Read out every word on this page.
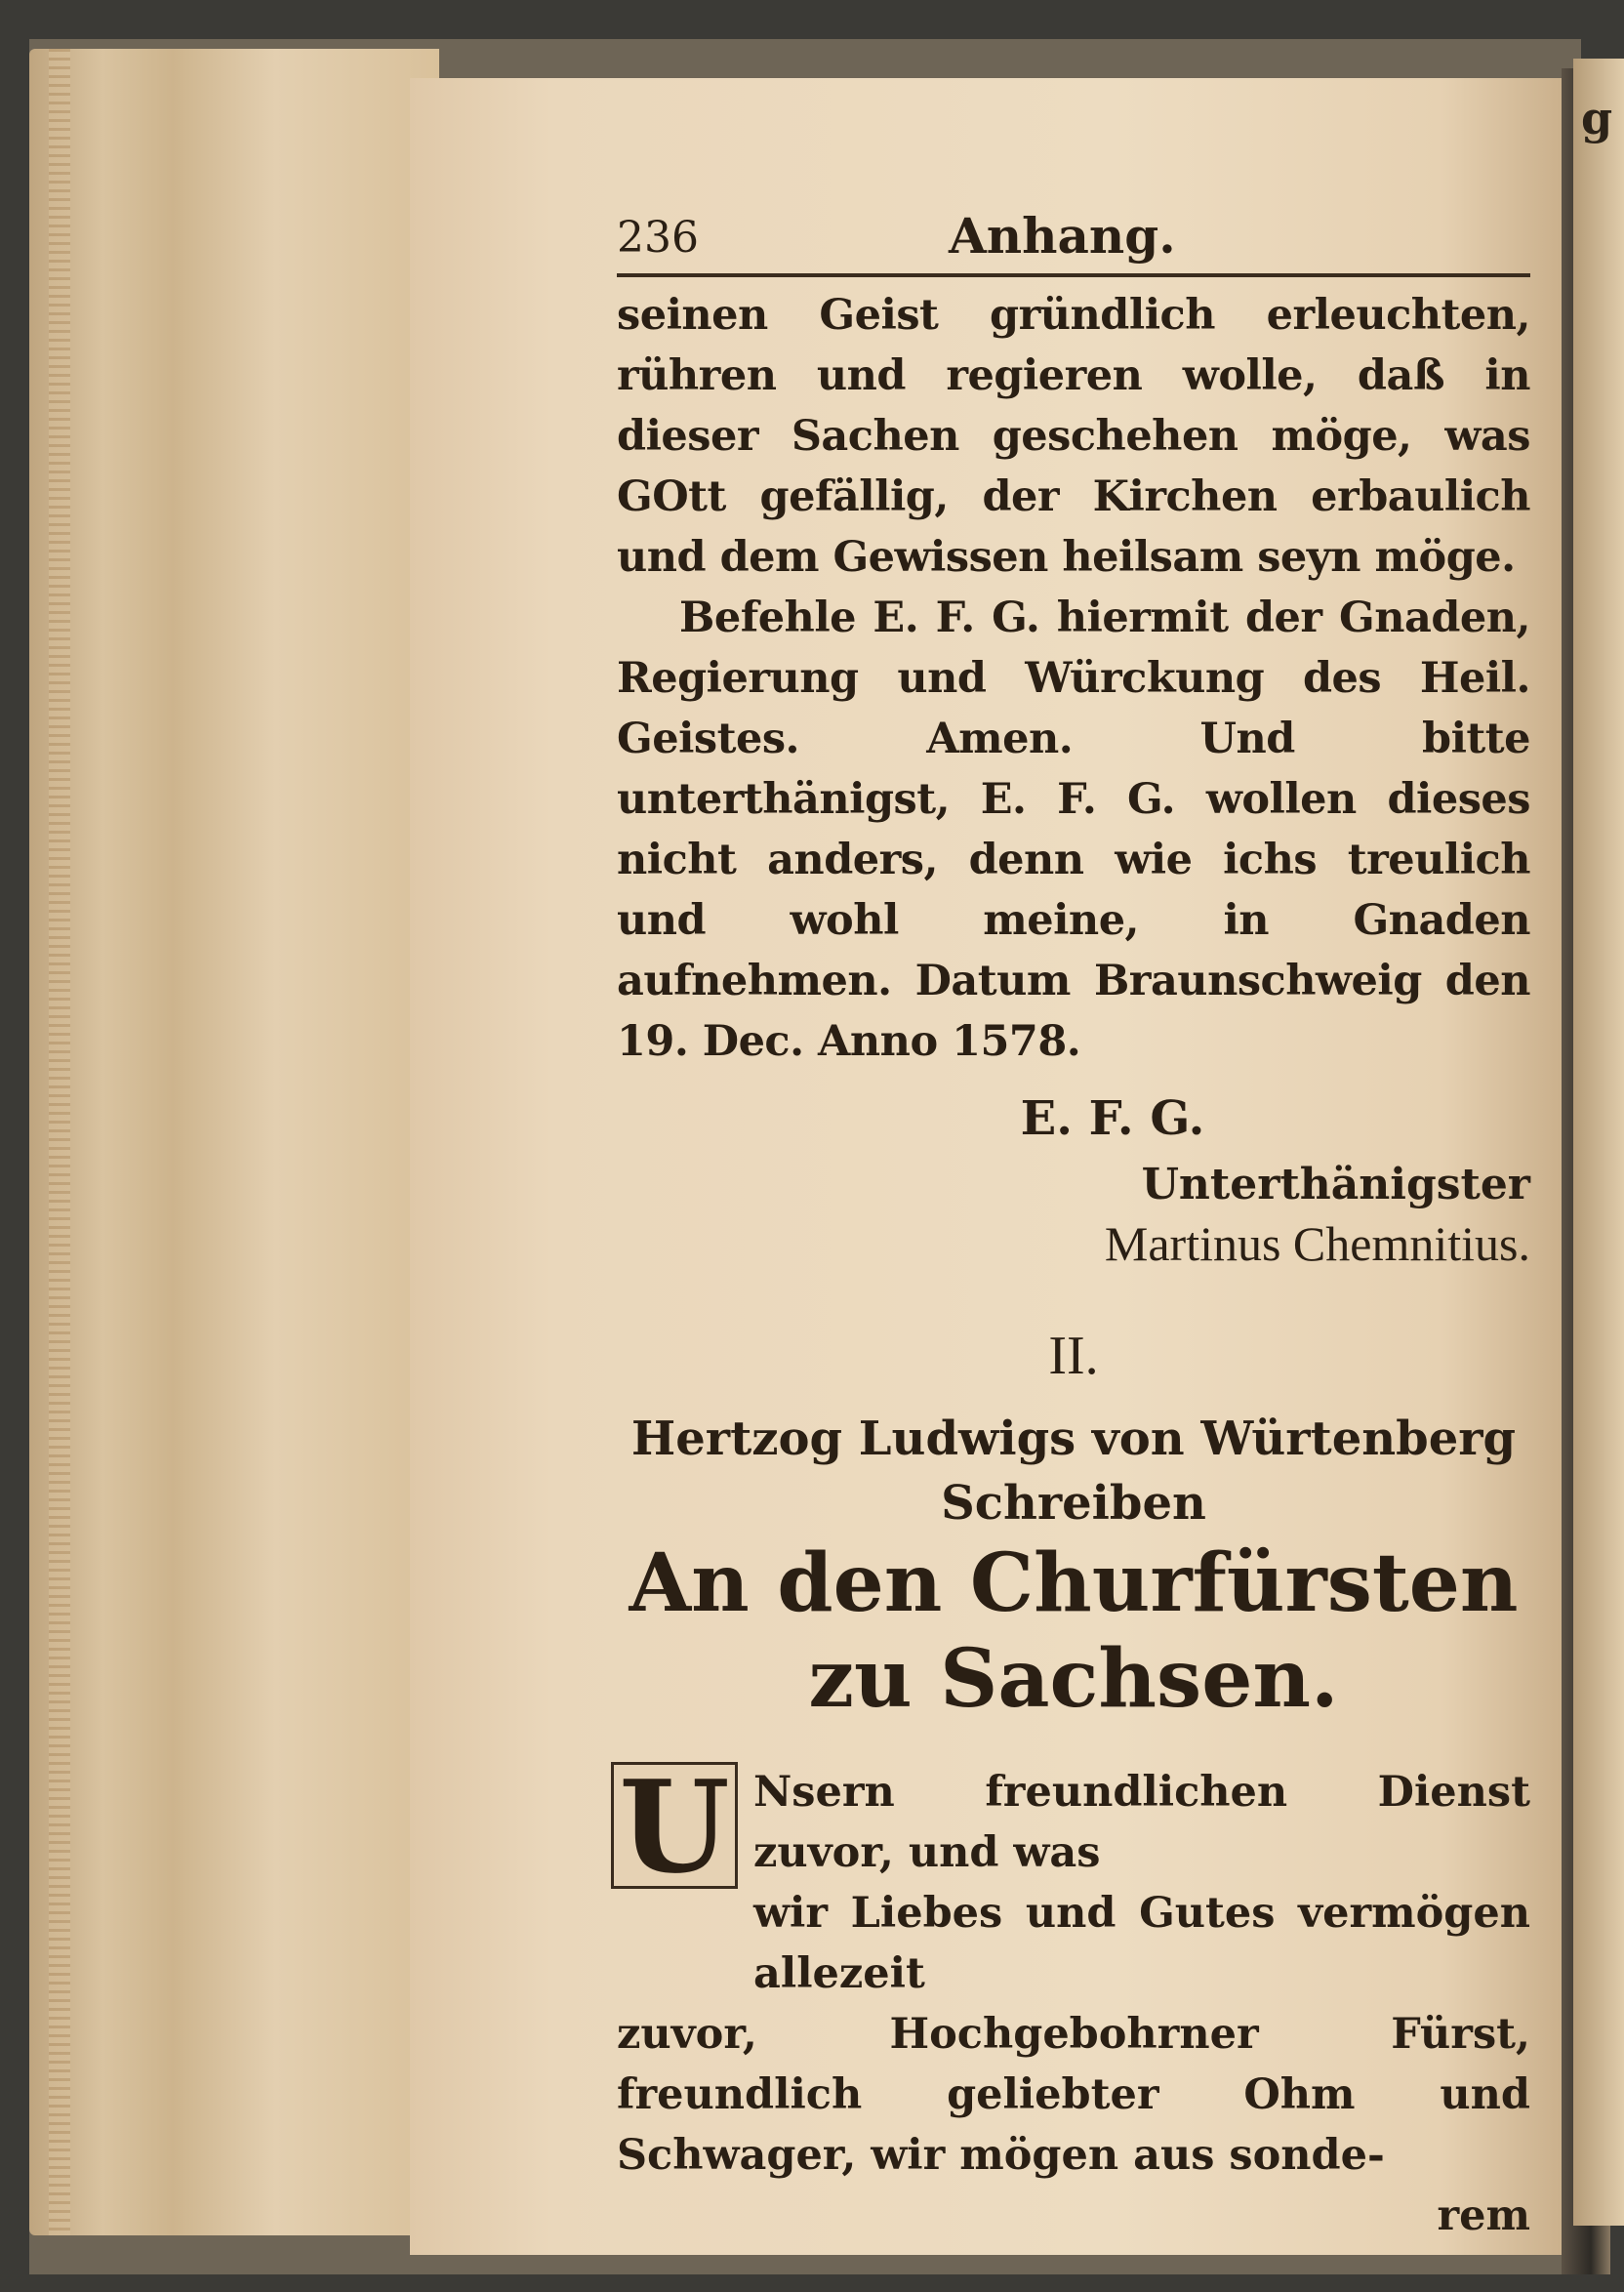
g
236	Anhang.

seinen Geist gründlich erleuchten, rühren und regieren wolle, daß in dieser Sachen geschehen möge, was GOtt gefällig, der Kirchen erbaulich und dem Gewissen heilsam seyn möge.

Befehle E. F. G. hiermit der Gnaden, Regierung und Würckung des Heil. Geistes. Amen. Und bitte unterthänigst, E. F. G. wollen dieses nicht anders, denn wie ichs treulich und wohl meine, in Gnaden aufnehmen. Datum Braunschweig den 19. Dec. Anno 1578.

E. F. G.
Unterthänigster
Martinus Chemnitius.
II.
Hertzog Ludwigs von Würtenberg
Schreiben
An den Churfürsten zu Sachsen.
U Nsern freundlichen Dienst zuvor, und was

wir Liebes und Gutes vermögen allezeit

zuvor, Hochgebohrner Fürst, freundlich geliebter Ohm und Schwager, wir mögen aus sonde-

rem
